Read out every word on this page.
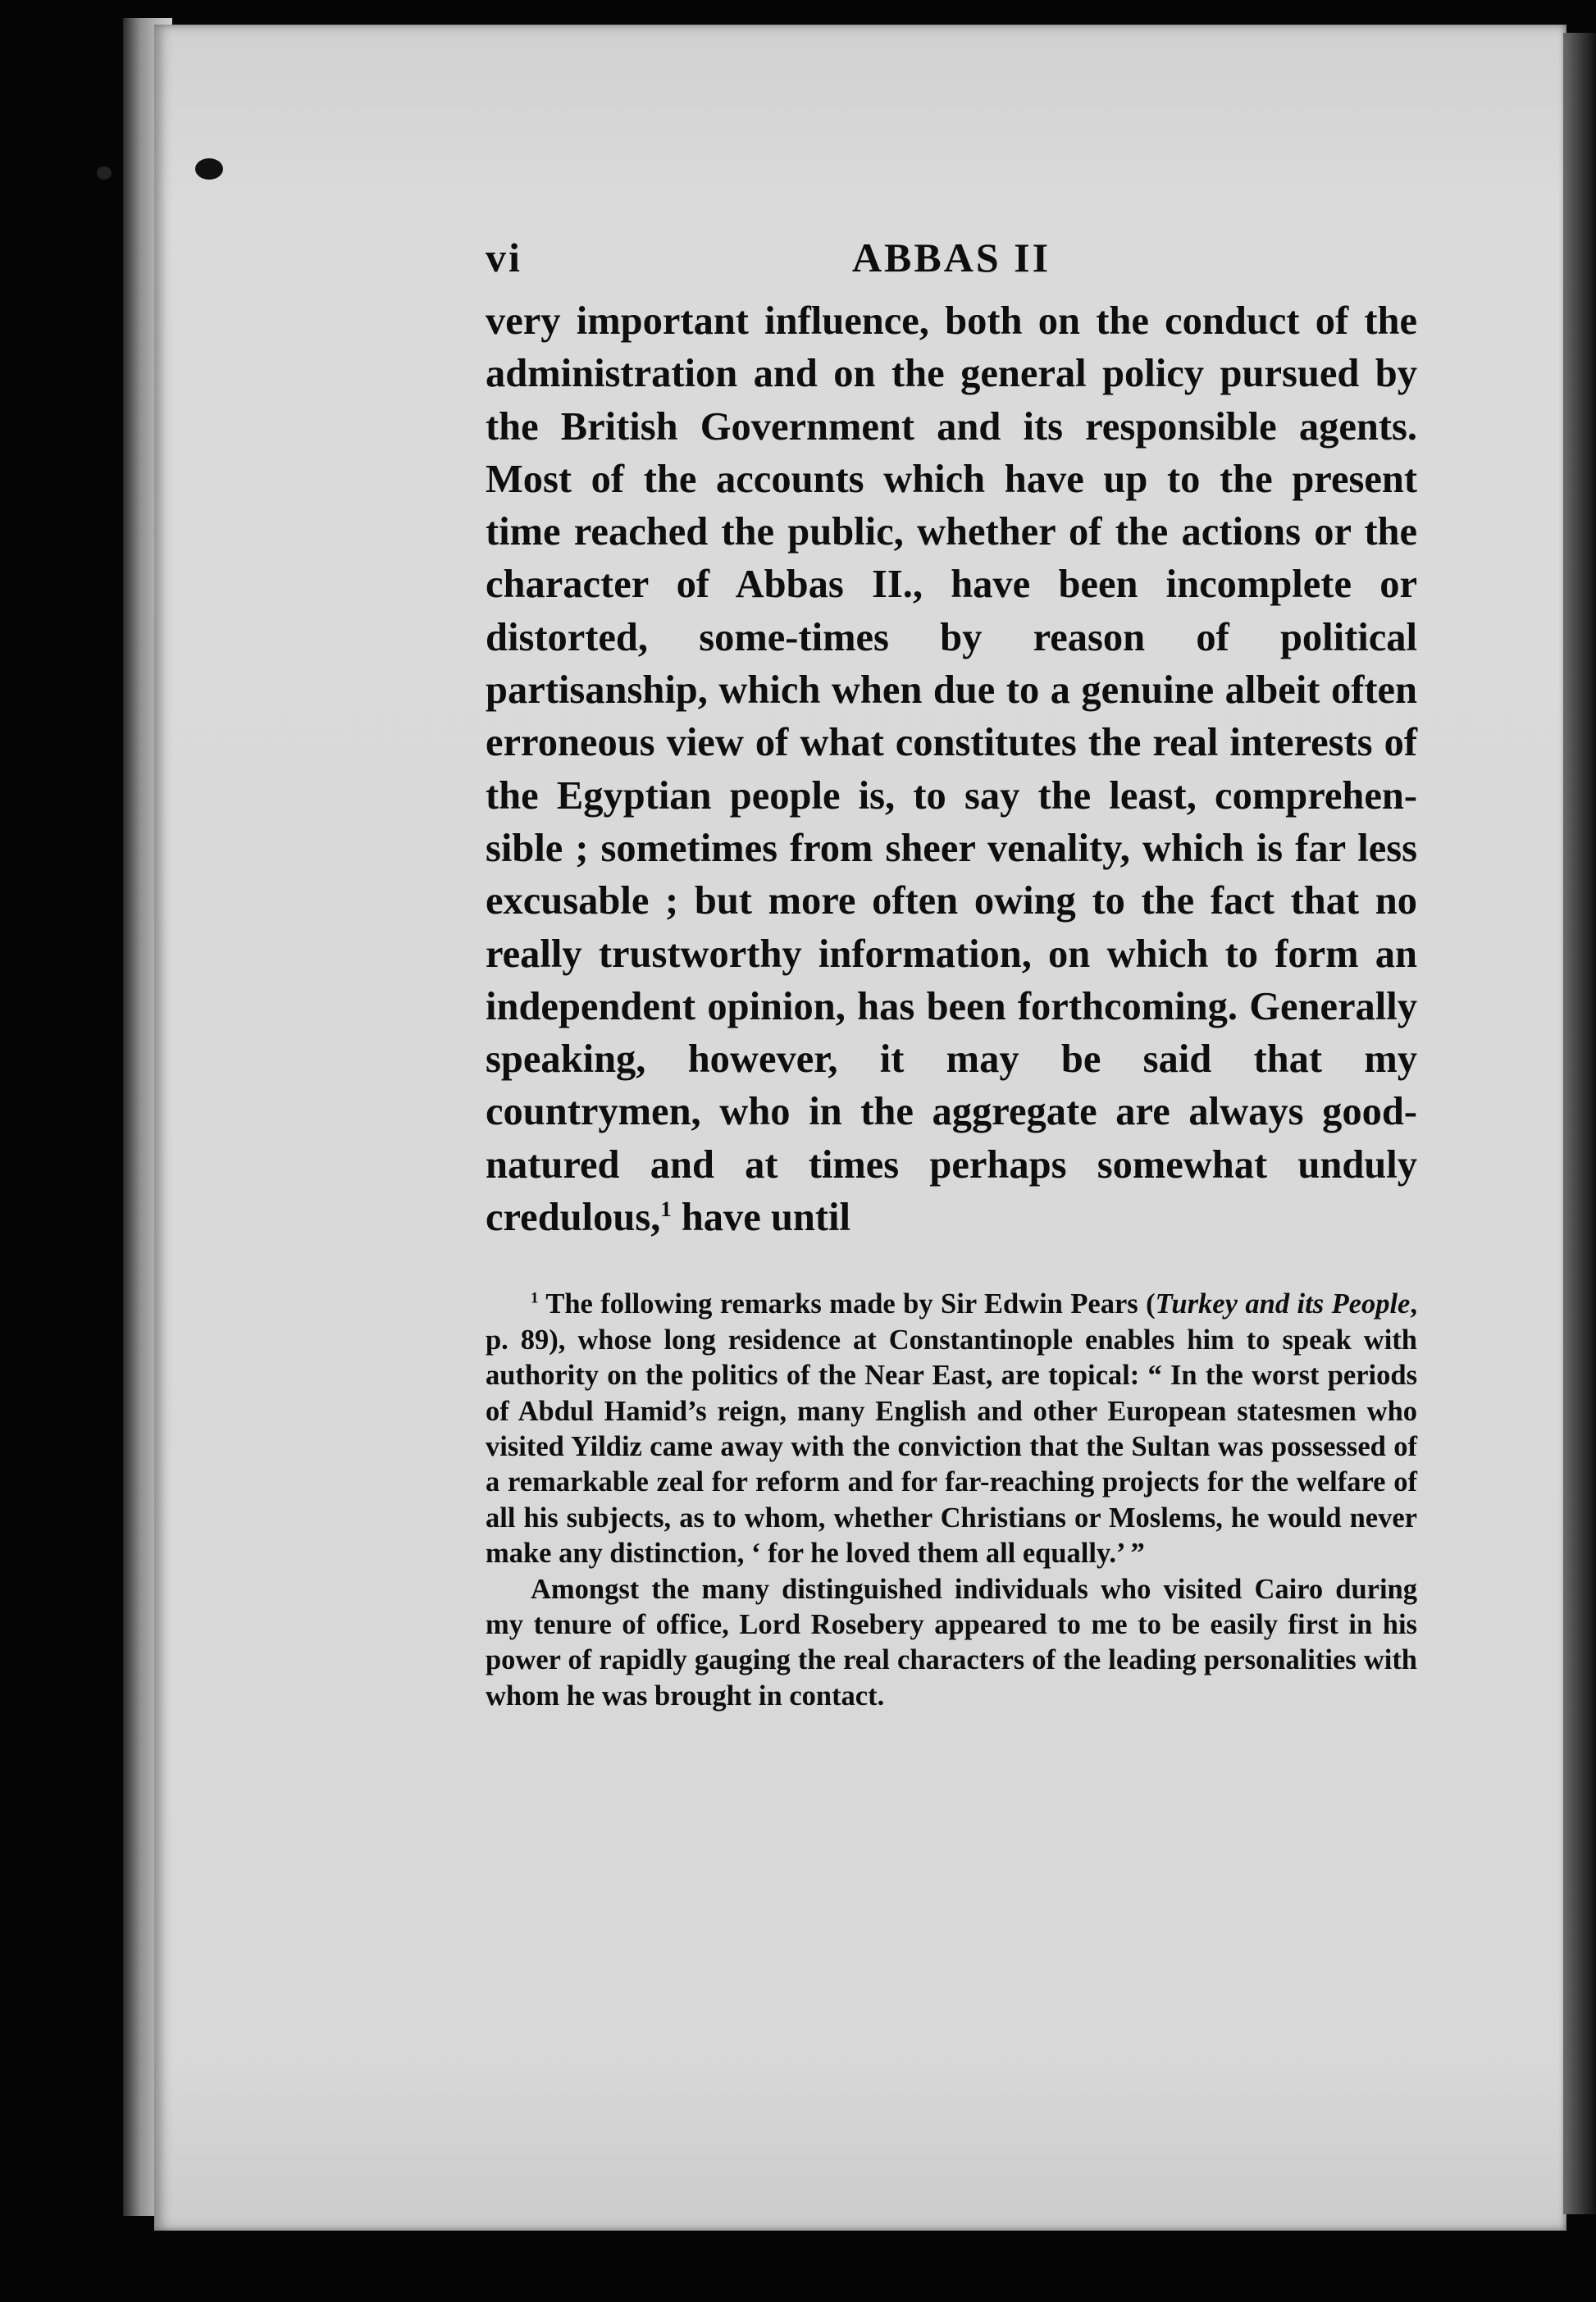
vi	ABBAS II

very important influence, both on the conduct of the administration and on the general policy pursued by the British Government and its responsible agents. Most of the accounts which have up to the present time reached the public, whether of the actions or the character of Abbas II., have been incomplete or distorted, some-times by reason of political partisanship, which when due to a genuine albeit often erroneous view of what constitutes the real interests of the Egyptian people is, to say the least, comprehen-sible ; sometimes from sheer venality, which is far less excusable ; but more often owing to the fact that no really trustworthy information, on which to form an independent opinion, has been forthcoming. Generally speaking, however, it may be said that my countrymen, who in the aggregate are always good-natured and at times perhaps somewhat unduly credulous,$^1$ have until

$^1$ The following remarks made by Sir Edwin Pears (Turkey and its People, p. 89), whose long residence at Constantinople enables him to speak with authority on the politics of the Near East, are topical: “ In the worst periods of Abdul Hamid’s reign, many English and other European statesmen who visited Yildiz came away with the conviction that the Sultan was possessed of a remarkable zeal for reform and for far-reaching projects for the welfare of all his subjects, as to whom, whether Christians or Moslems, he would never make any distinction, ‘ for he loved them all equally.’ ”

Amongst the many distinguished individuals who visited Cairo during my tenure of office, Lord Rosebery appeared to me to be easily first in his power of rapidly gauging the real characters of the leading personalities with whom he was brought in contact.
